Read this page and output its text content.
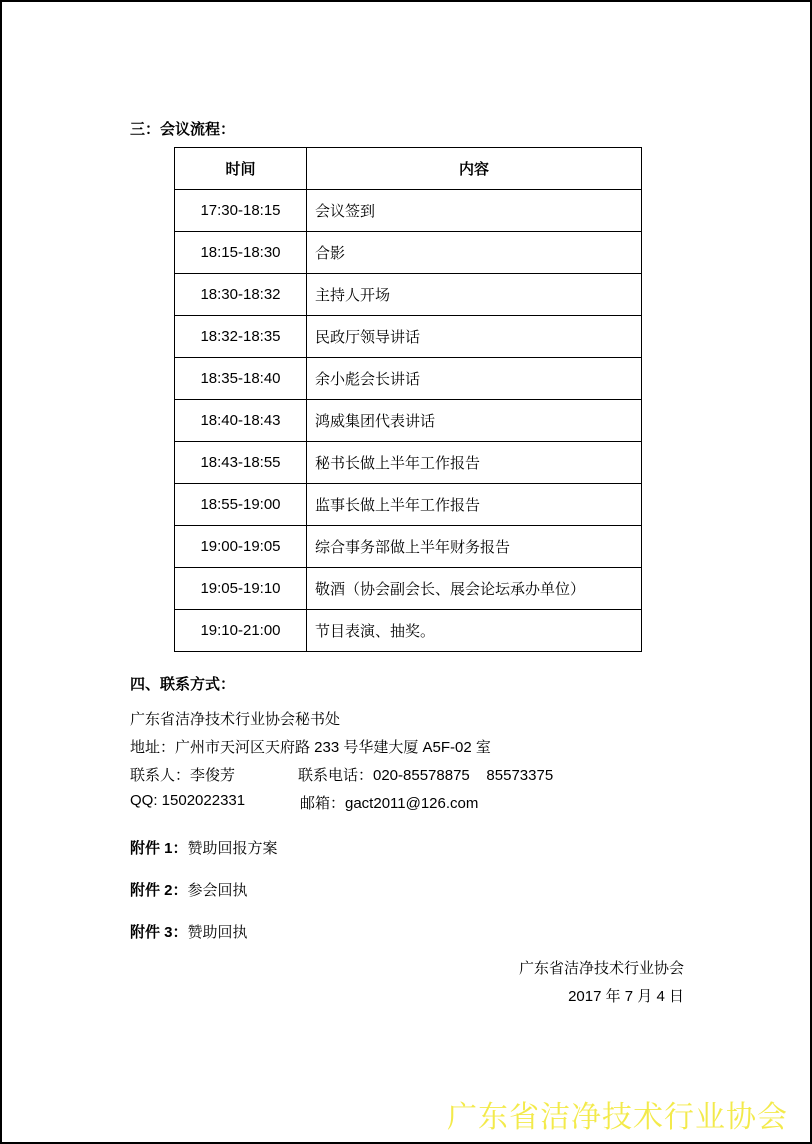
三：会议流程：
时间	内容
17:30-18:15	会议签到
18:15-18:30	合影
18:30-18:32	主持人开场
18:32-18:35	民政厅领导讲话
18:35-18:40	余小彪会长讲话
18:40-18:43	鸿威集团代表讲话
18:43-18:55	秘书长做上半年工作报告
18:55-19:00	监事长做上半年工作报告
19:00-19:05	综合事务部做上半年财务报告
19:05-19:10	敬酒（协会副会长、展会论坛承办单位）
19:10-21:00	节目表演、抽奖。
四、联系方式：
广东省洁净技术行业协会秘书处
地址：广州市天河区天府路 233 号华建大厦 A5F-02 室
联系人：李俊芳	联系电话：020-85578875    85573375
QQ: 1502022331	邮箱：gact2011@126.com
附件 1：赞助回报方案
附件 2：参会回执
附件 3：赞助回执
广东省洁净技术行业协会
2017 年 7 月 4 日
广东省洁净技术行业协会
